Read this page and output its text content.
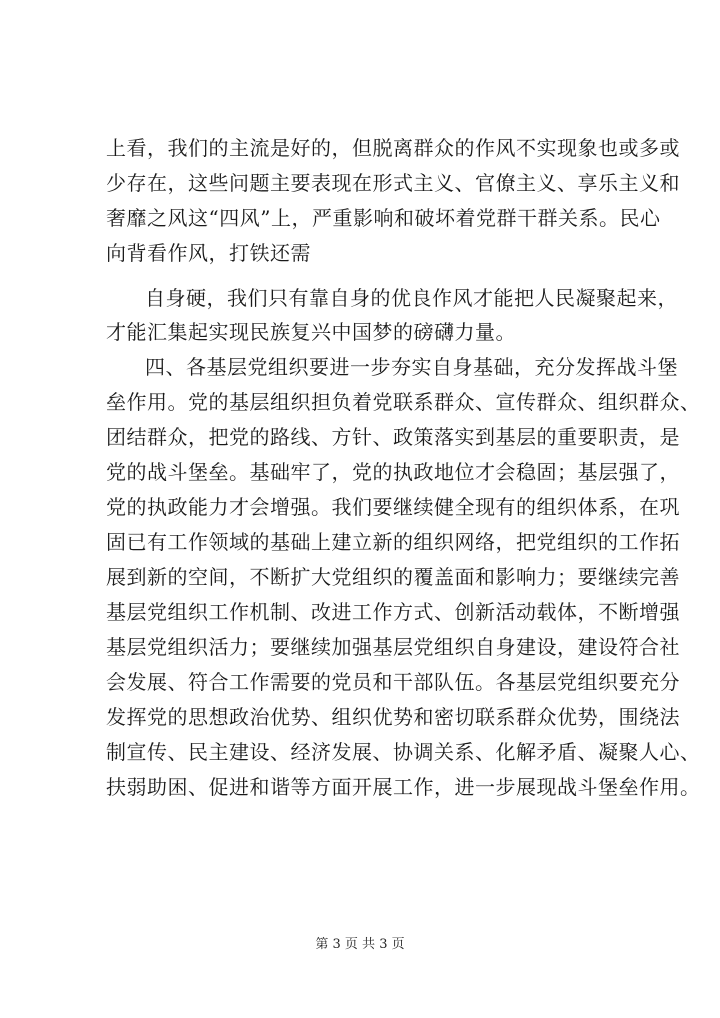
上看，我们的主流是好的，但脱离群众的作风不实现象也或多或
少存在，这些问题主要表现在形式主义、官僚主义、享乐主义和
奢靡之风这“四风”上，严重影响和破坏着党群干群关系。民心
向背看作风，打铁还需
自身硬，我们只有靠自身的优良作风才能把人民凝聚起来，
才能汇集起实现民族复兴中国梦的磅礴力量。
四、各基层党组织要进一步夯实自身基础，充分发挥战斗堡
垒作用。党的基层组织担负着党联系群众、宣传群众、组织群众、
团结群众，把党的路线、方针、政策落实到基层的重要职责，是
党的战斗堡垒。基础牢了，党的执政地位才会稳固；基层强了，
党的执政能力才会增强。我们要继续健全现有的组织体系，在巩
固已有工作领域的基础上建立新的组织网络，把党组织的工作拓
展到新的空间，不断扩大党组织的覆盖面和影响力；要继续完善
基层党组织工作机制、改进工作方式、创新活动载体，不断增强
基层党组织活力；要继续加强基层党组织自身建设，建设符合社
会发展、符合工作需要的党员和干部队伍。各基层党组织要充分
发挥党的思想政治优势、组织优势和密切联系群众优势，围绕法
制宣传、民主建设、经济发展、协调关系、化解矛盾、凝聚人心、
扶弱助困、促进和谐等方面开展工作，进一步展现战斗堡垒作用。
第 3 页 共 3 页
